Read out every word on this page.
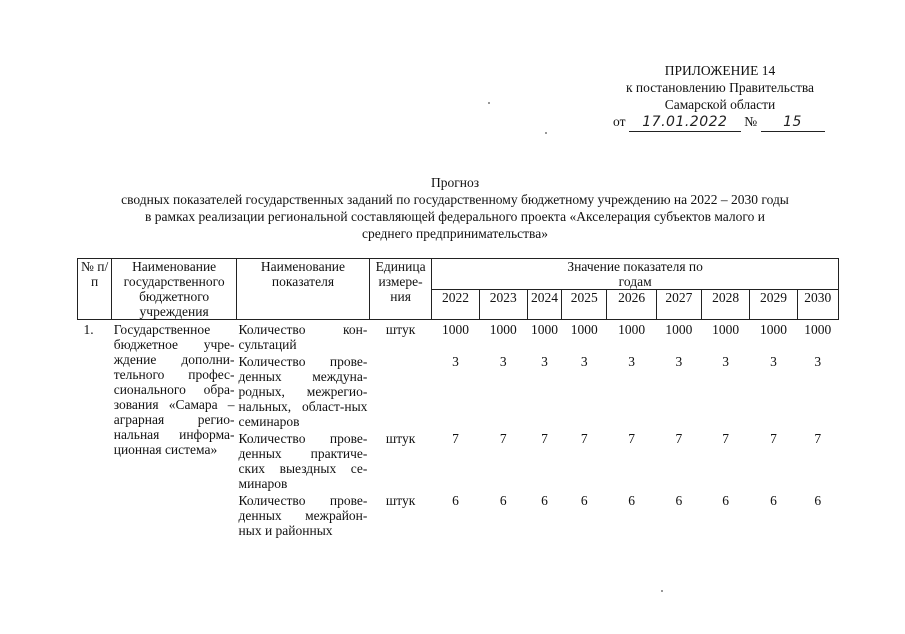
ПРИЛОЖЕНИЕ 14
к постановлению Правительства
Самарской области
от 17.01.2022 № 15
Прогноз
сводных показателей государственных заданий по государственному бюджетному учреждению на 2022 – 2030 годы
в рамках реализации региональной составляющей федерального проекта «Акселерация субъектов малого и
среднего предпринимательства»
№ п/п	Наименование государственного бюджетного учреждения	Наименование показателя	Единица измере-ния	Значение показателя по годам								

				2022	2023	2024	2025	2026	2027	2028	2029	2030
1.	Государственное бюджетное учре-ждение дополни-тельного профес-сионального обра-зования «Самара – аграрная регио-нальная информа-ционная система»	Количество кон-сультаций	штук	1000	1000	1000	1000	1000	1000	1000	1000	1000
		Количество прове-денных междуна-родных, межрегио-нальных, област-ных семинаров		3	3	3	3	3	3	3	3	3
		Количество прове-денных практиче-ских выездных се-минаров	штук	7	7	7	7	7	7	7	7	7
		Количество прове-денных межрайон-ных и районных	штук	6	6	6	6	6	6	6	6	6
